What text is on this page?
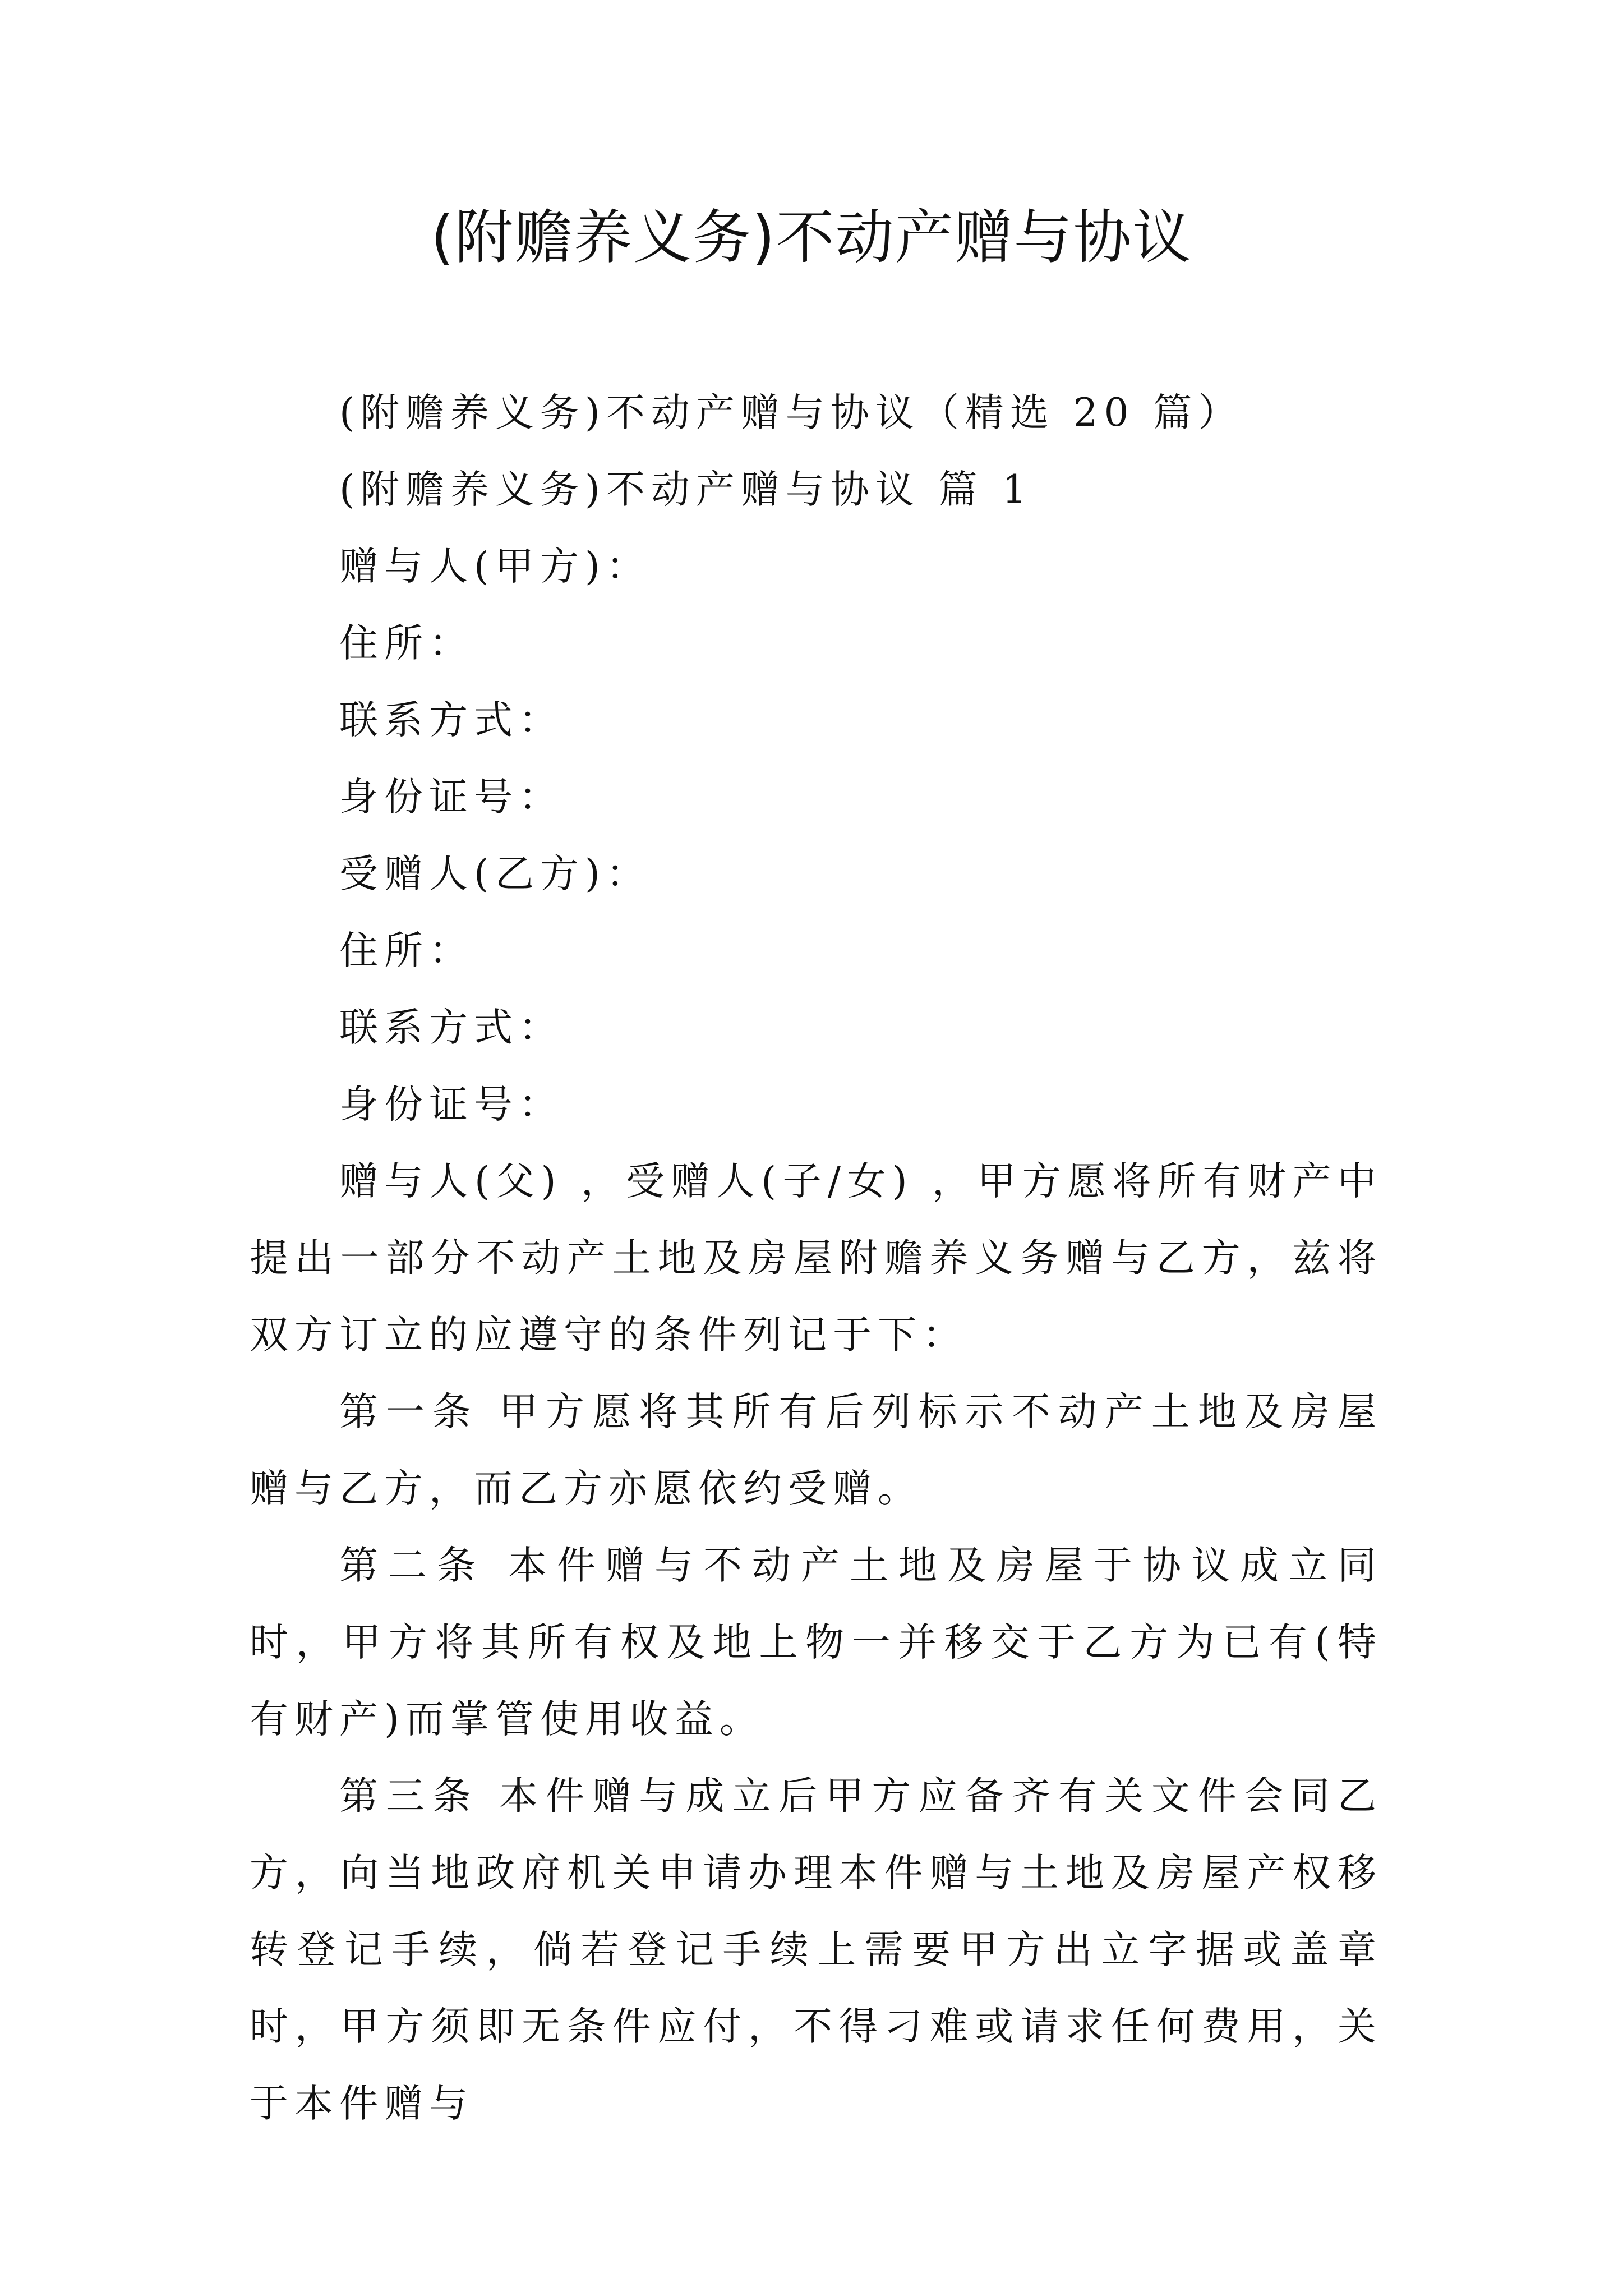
(附赡养义务)不动产赠与协议

(附赡养义务)不动产赠与协议（精选 20 篇）

(附赡养义务)不动产赠与协议 篇 1

赠与人(甲方)：

住所：

联系方式：

身份证号：

受赠人(乙方)：

住所：

联系方式：

身份证号：

赠与人(父) ，受赠人(子/女) ，甲方愿将所有财产中提出一部分不动产土地及房屋附赡养义务赠与乙方，兹将双方订立的应遵守的条件列记于下：

第一条 甲方愿将其所有后列标示不动产土地及房屋赠与乙方，而乙方亦愿依约受赠。

第二条 本件赠与不动产土地及房屋于协议成立同时，甲方将其所有权及地上物一并移交于乙方为已有(特有财产)而掌管使用收益。

第三条 本件赠与成立后甲方应备齐有关文件会同乙方，向当地政府机关申请办理本件赠与土地及房屋产权移转登记手续，倘若登记手续上需要甲方出立字据或盖章时，甲方须即无条件应付，不得刁难或请求任何费用，关于本件赠与
